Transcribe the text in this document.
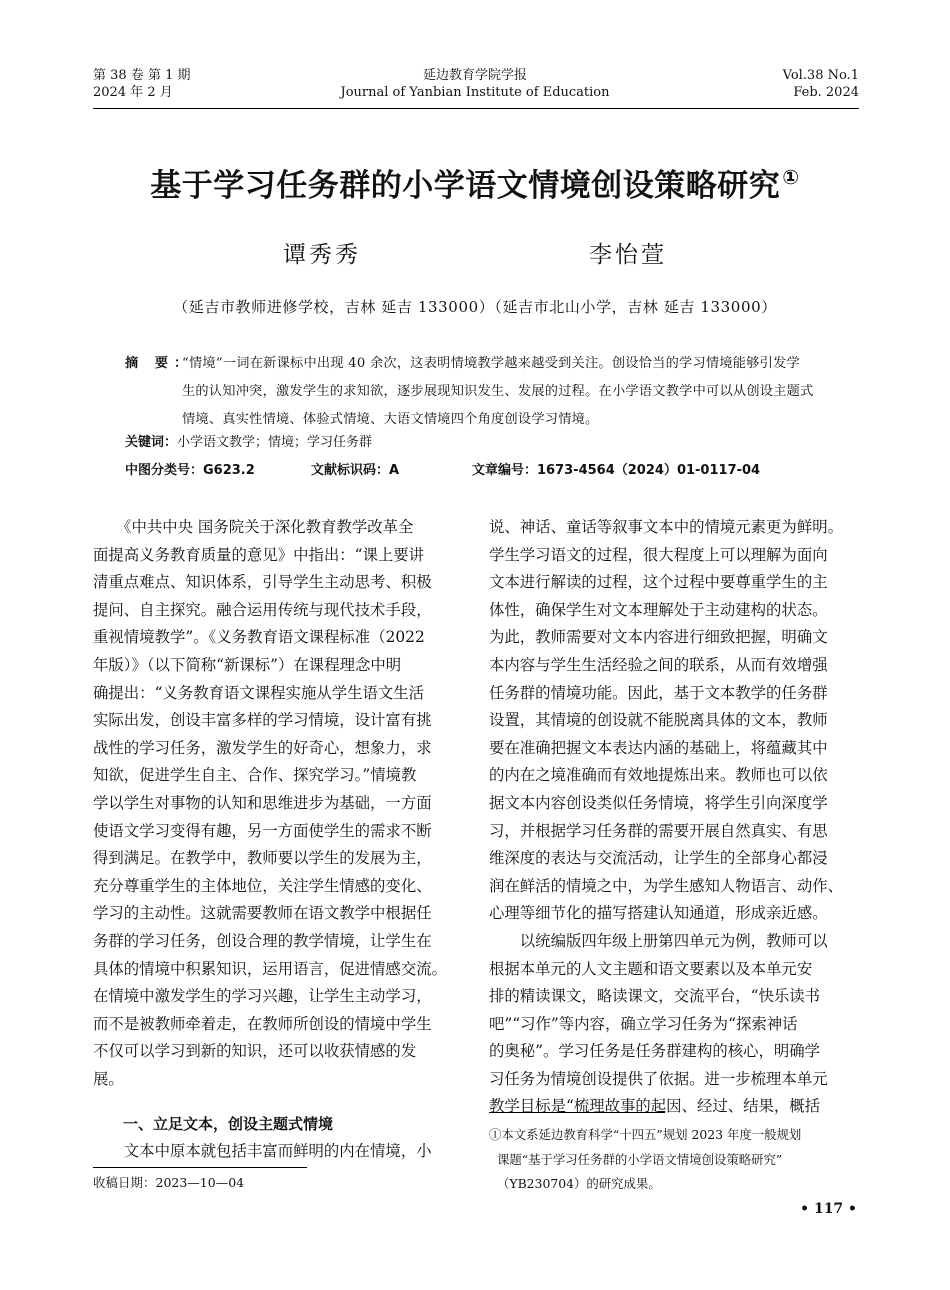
第 38 卷 第 1 期
2024 年 2 月
延边教育学院学报
Journal of Yanbian Institute of Education
Vol.38 No.1
Feb. 2024
基于学习任务群的小学语文情境创设策略研究 ①
谭秀秀	李怡萱
（延吉市教师进修学校，吉林 延吉 133000）（延吉市北山小学，吉林 延吉 133000）
摘 要：
“情境”一词在新课标中出现 40 余次，这表明情境教学越来越受到关注。创设恰当的学习情境能够引发学
生的认知冲突，激发学生的求知欲，逐步展现知识发生、发展的过程。在小学语文教学中可以从创设主题式
情境、真实性情境、体验式情境、大语文情境四个角度创设学习情境。
关键词：小学语文教学；情境；学习任务群
中图分类号：G623.2	文献标识码：A	文章编号：1673-4564（2024）01-0117-04
　　《中共中央 国务院关于深化教育教学改革全
面提高义务教育质量的意见》中指出：“课上要讲
清重点难点、知识体系，引导学生主动思考、积极
提问、自主探究。融合运用传统与现代技术手段，
重视情境教学”。《义务教育语文课程标准（2022
年版）》（以下简称“新课标”）在课程理念中明
确提出：“义务教育语文课程实施从学生语文生活
实际出发，创设丰富多样的学习情境，设计富有挑
战性的学习任务，激发学生的好奇心，想象力，求
知欲，促进学生自主、合作、探究学习。”情境教
学以学生对事物的认知和思维进步为基础，一方面
使语文学习变得有趣，另一方面使学生的需求不断
得到满足。在教学中，教师要以学生的发展为主，
充分尊重学生的主体地位，关注学生情感的变化、
学习的主动性。这就需要教师在语文教学中根据任
务群的学习任务，创设合理的教学情境，让学生在
具体的情境中积累知识，运用语言，促进情感交流。
在情境中激发学生的学习兴趣，让学生主动学习，
而不是被教师牵着走，在教师所创设的情境中学生
不仅可以学习到新的知识，还可以收获情感的发
展。
一、立足文本，创设主题式情境
　　文本中原本就包括丰富而鲜明的内在情境，小
收稿日期：2023—10—04
说、神话、童话等叙事文本中的情境元素更为鲜明。
学生学习语文的过程，很大程度上可以理解为面向
文本进行解读的过程，这个过程中要尊重学生的主
体性，确保学生对文本理解处于主动建构的状态。
为此，教师需要对文本内容进行细致把握，明确文
本内容与学生生活经验之间的联系，从而有效增强
任务群的情境功能。因此，基于文本教学的任务群
设置，其情境的创设就不能脱离具体的文本，教师
要在准确把握文本表达内涵的基础上，将蕴藏其中
的内在之境准确而有效地提炼出来。教师也可以依
据文本内容创设类似任务情境，将学生引向深度学
习，并根据学习任务群的需要开展自然真实、有思
维深度的表达与交流活动，让学生的全部身心都浸
润在鲜活的情境之中，为学生感知人物语言、动作、
心理等细节化的描写搭建认知通道，形成亲近感。
　　以统编版四年级上册第四单元为例，教师可以
根据本单元的人文主题和语文要素以及本单元安
排的精读课文，略读课文，交流平台，“快乐读书
吧”“习作”等内容，确立学习任务为“探索神话
的奥秘”。学习任务是任务群建构的核心，明确学
习任务为情境创设提供了依据。进一步梳理本单元
教学目标是“梳理故事的起因、经过、结果，概括
①本文系延边教育科学“十四五”规划 2023 年度一般规划
课题“基于学习任务群的小学语文情境创设策略研究”
（YB230704）的研究成果。
• 117 •
